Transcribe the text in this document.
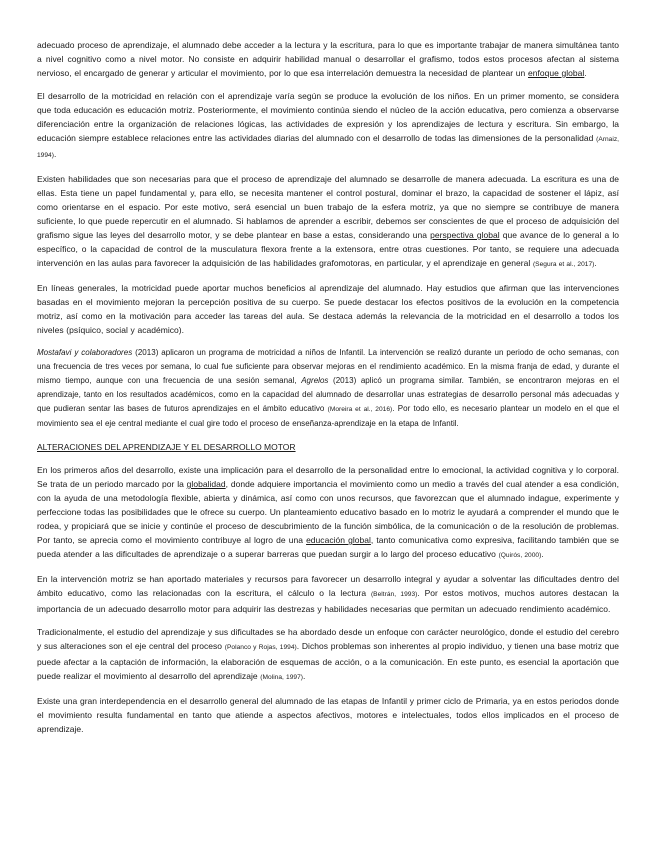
adecuado proceso de aprendizaje, el alumnado debe acceder a la lectura y la escritura, para lo que es importante trabajar de manera simultánea tanto a nivel cognitivo como a nivel motor. No consiste en adquirir habilidad manual o desarrollar el grafismo, todos estos procesos afectan al sistema nervioso, el encargado de generar y articular el movimiento, por lo que esa interrelación demuestra la necesidad de plantear un enfoque global.

El desarrollo de la motricidad en relación con el aprendizaje varía según se produce la evolución de los niños. En un primer momento, se considera que toda educación es educación motriz. Posteriormente, el movimiento continúa siendo el núcleo de la acción educativa, pero comienza a observarse diferenciación entre la organización de relaciones lógicas, las actividades de expresión y los aprendizajes de lectura y escritura. Sin embargo, la educación siempre establece relaciones entre las actividades diarias del alumnado con el desarrollo de todas las dimensiones de la personalidad (Arnaiz, 1994).

Existen habilidades que son necesarias para que el proceso de aprendizaje del alumnado se desarrolle de manera adecuada. La escritura es una de ellas. Esta tiene un papel fundamental y, para ello, se necesita mantener el control postural, dominar el brazo, la capacidad de sostener el lápiz, así como orientarse en el espacio. Por este motivo, será esencial un buen trabajo de la esfera motriz, ya que no siempre se contribuye de manera suficiente, lo que puede repercutir en el alumnado. Si hablamos de aprender a escribir, debemos ser conscientes de que el proceso de adquisición del grafismo sigue las leyes del desarrollo motor, y se debe plantear en base a estas, considerando una perspectiva global que avance de lo general a lo específico, o la capacidad de control de la musculatura flexora frente a la extensora, entre otras cuestiones. Por tanto, se requiere una adecuada intervención en las aulas para favorecer la adquisición de las habilidades grafomotoras, en particular, y el aprendizaje en general (Segura et al., 2017).

En líneas generales, la motricidad puede aportar muchos beneficios al aprendizaje del alumnado. Hay estudios que afirman que las intervenciones basadas en el movimiento mejoran la percepción positiva de su cuerpo. Se puede destacar los efectos positivos de la evolución en la competencia motriz, así como en la motivación para acceder las tareas del aula. Se destaca además la relevancia de la motricidad en el desarrollo a todos los niveles (psíquico, social y académico).

Mostafavi y colaboradores (2013) aplicaron un programa de motricidad a niños de Infantil. La intervención se realizó durante un periodo de ocho semanas, con una frecuencia de tres veces por semana, lo cual fue suficiente para observar mejoras en el rendimiento académico. En la misma franja de edad, y durante el mismo tiempo, aunque con una frecuencia de una sesión semanal, Agrelos (2013) aplicó un programa similar. También, se encontraron mejoras en el aprendizaje, tanto en los resultados académicos, como en la capacidad del alumnado de desarrollar unas estrategias de desarrollo personal más adecuadas y que pudieran sentar las bases de futuros aprendizajes en el ámbito educativo (Moreira et al., 2016). Por todo ello, es necesario plantear un modelo en el que el movimiento sea el eje central mediante el cual gire todo el proceso de enseñanza-aprendizaje en la etapa de Infantil.

ALTERACIONES DEL APRENDIZAJE Y EL DESARROLLO MOTOR

En los primeros años del desarrollo, existe una implicación para el desarrollo de la personalidad entre lo emocional, la actividad cognitiva y lo corporal. Se trata de un periodo marcado por la globalidad, donde adquiere importancia el movimiento como un medio a través del cual atender a esa condición, con la ayuda de una metodología flexible, abierta y dinámica, así como con unos recursos, que favorezcan que el alumnado indague, experimente y perfeccione todas las posibilidades que le ofrece su cuerpo. Un planteamiento educativo basado en lo motriz le ayudará a comprender el mundo que le rodea, y propiciará que se inicie y continúe el proceso de descubrimiento de la función simbólica, de la comunicación o de la resolución de problemas. Por tanto, se aprecia como el movimiento contribuye al logro de una educación global, tanto comunicativa como expresiva, facilitando también que se pueda atender a las dificultades de aprendizaje o a superar barreras que puedan surgir a lo largo del proceso educativo (Quirós, 2000).

En la intervención motriz se han aportado materiales y recursos para favorecer un desarrollo integral y ayudar a solventar las dificultades dentro del ámbito educativo, como las relacionadas con la escritura, el cálculo o la lectura (Beltrán, 1993). Por estos motivos, muchos autores destacan la importancia de un adecuado desarrollo motor para adquirir las destrezas y habilidades necesarias que permitan un adecuado rendimiento académico.

Tradicionalmente, el estudio del aprendizaje y sus dificultades se ha abordado desde un enfoque con carácter neurológico, donde el estudio del cerebro y sus alteraciones son el eje central del proceso (Polanco y Rojas, 1994). Dichos problemas son inherentes al propio individuo, y tienen una base motriz que puede afectar a la captación de información, la elaboración de esquemas de acción, o a la comunicación. En este punto, es esencial la aportación que puede realizar el movimiento al desarrollo del aprendizaje (Molina, 1997).

Existe una gran interdependencia en el desarrollo general del alumnado de las etapas de Infantil y primer ciclo de Primaria, ya en estos periodos donde el movimiento resulta fundamental en tanto que atiende a aspectos afectivos, motores e intelectuales, todos ellos implicados en el proceso de aprendizaje.
